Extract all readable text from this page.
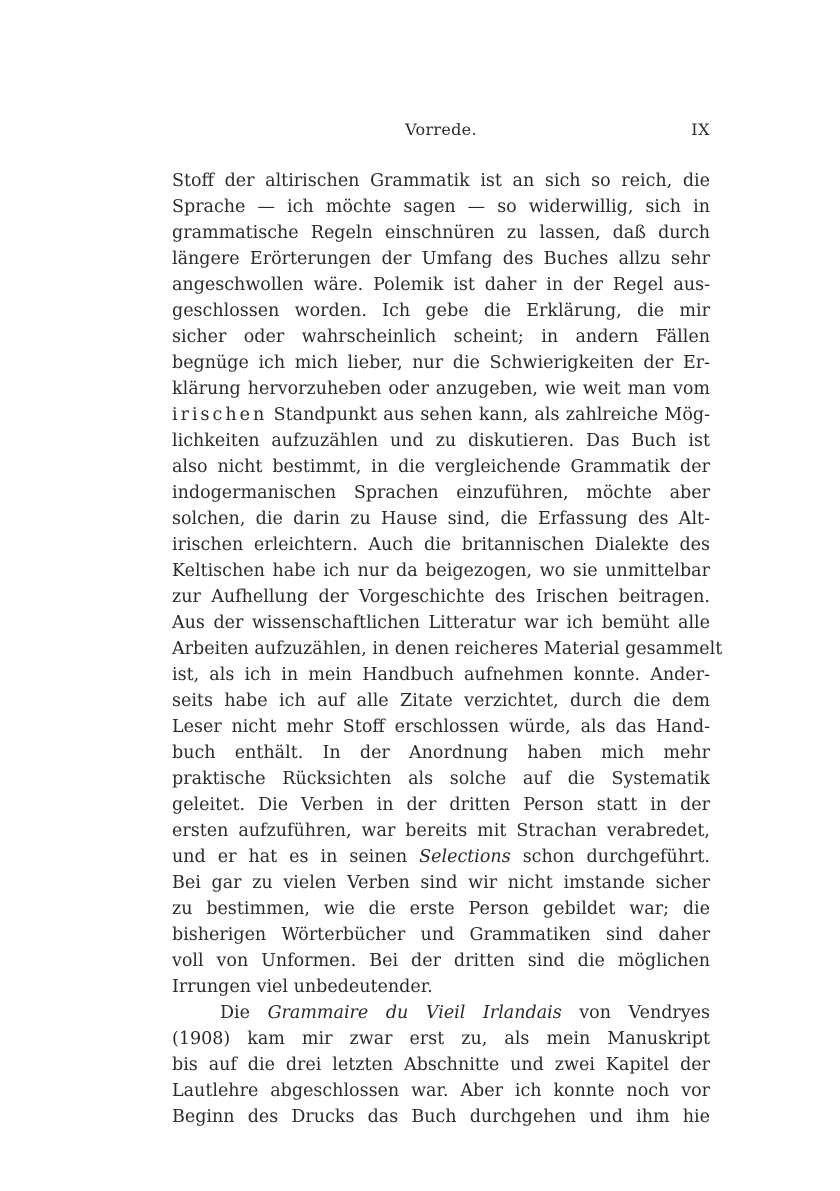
Vorrede.	IX
Stoff der altirischen Grammatik ist an sich so reich, die
Sprache — ich möchte sagen — so widerwillig, sich in
grammatische Regeln einschnüren zu lassen, daß durch
längere Erörterungen der Umfang des Buches allzu sehr
angeschwollen wäre. Polemik ist daher in der Regel aus-
geschlossen worden. Ich gebe die Erklärung, die mir
sicher oder wahrscheinlich scheint; in andern Fällen
begnüge ich mich lieber, nur die Schwierigkeiten der Er-
klärung hervorzuheben oder anzugeben, wie weit man vom
irischen Standpunkt aus sehen kann, als zahlreiche Mög-
lichkeiten aufzuzählen und zu diskutieren. Das Buch ist
also nicht bestimmt, in die vergleichende Grammatik der
indogermanischen Sprachen einzuführen, möchte aber
solchen, die darin zu Hause sind, die Erfassung des Alt-
irischen erleichtern. Auch die britannischen Dialekte des
Keltischen habe ich nur da beigezogen, wo sie unmittelbar
zur Aufhellung der Vorgeschichte des Irischen beitragen.
Aus der wissenschaftlichen Litteratur war ich bemüht alle
Arbeiten aufzuzählen, in denen reicheres Material gesammelt
ist, als ich in mein Handbuch aufnehmen konnte. Ander-
seits habe ich auf alle Zitate verzichtet, durch die dem
Leser nicht mehr Stoff erschlossen würde, als das Hand-
buch enthält. In der Anordnung haben mich mehr
praktische Rücksichten als solche auf die Systematik
geleitet. Die Verben in der dritten Person statt in der
ersten aufzuführen, war bereits mit Strachan verabredet,
und er hat es in seinen Selections schon durchgeführt.
Bei gar zu vielen Verben sind wir nicht imstande sicher
zu bestimmen, wie die erste Person gebildet war; die
bisherigen Wörterbücher und Grammatiken sind daher
voll von Unformen. Bei der dritten sind die möglichen
Irrungen viel unbedeutender.
Die Grammaire du Vieil Irlandais von Vendryes
(1908) kam mir zwar erst zu, als mein Manuskript
bis auf die drei letzten Abschnitte und zwei Kapitel der
Lautlehre abgeschlossen war. Aber ich konnte noch vor
Beginn des Drucks das Buch durchgehen und ihm hie
